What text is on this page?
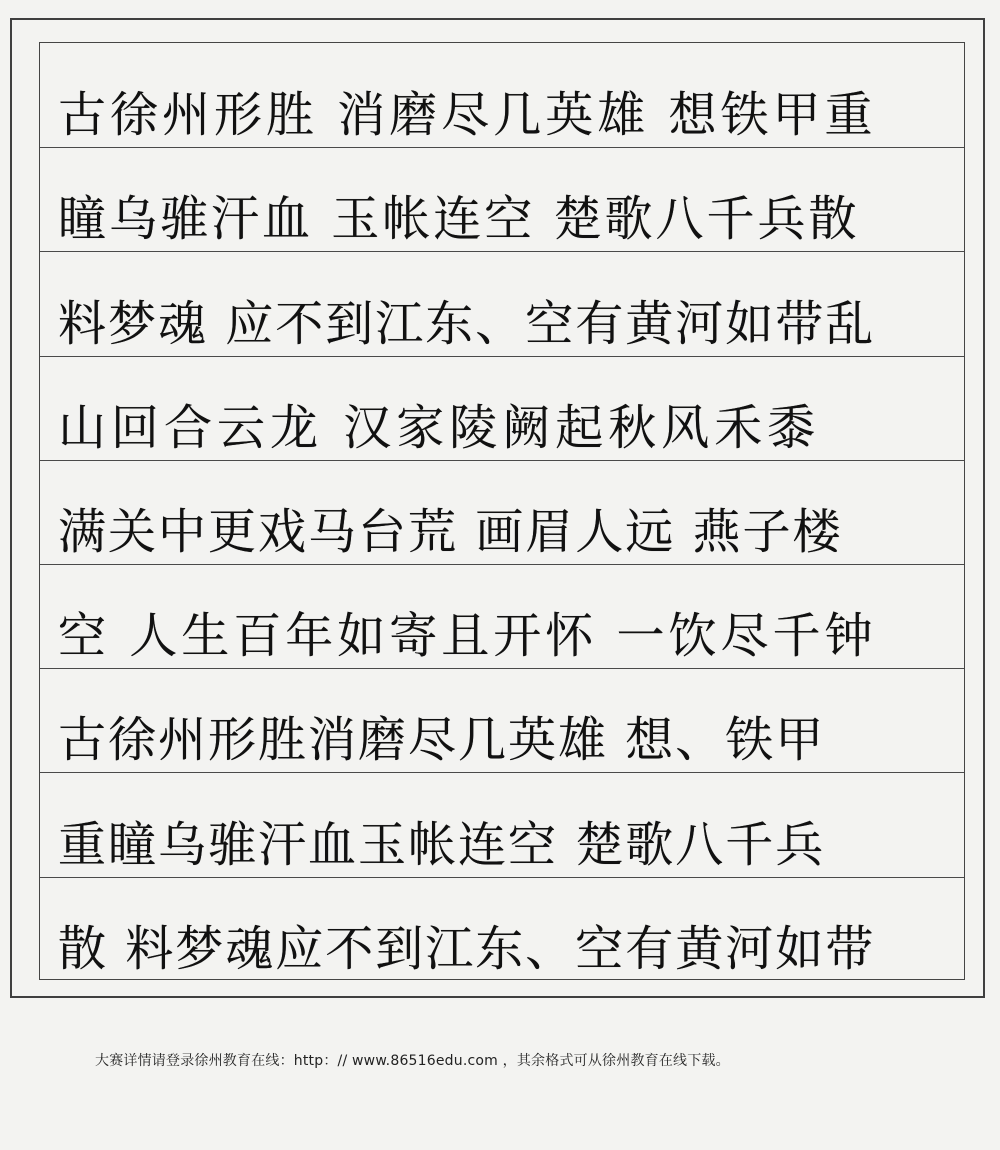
古徐州形胜 消磨尽几英雄 想铁甲重
瞳乌骓汗血 玉帐连空 楚歌八千兵散
料梦魂 应不到江东、空有黄河如带乱
山回合云龙 汉家陵阙起秋风禾黍
满关中更戏马台荒 画眉人远 燕子楼
空 人生百年如寄且开怀 一饮尽千钟
古徐州形胜消磨尽几英雄 想、铁甲
重瞳乌骓汗血玉帐连空 楚歌八千兵
散 料梦魂应不到江东、空有黄河如带
大赛详情请登录徐州教育在线：http：// www.86516edu.com ，其余格式可从徐州教育在线下载。
